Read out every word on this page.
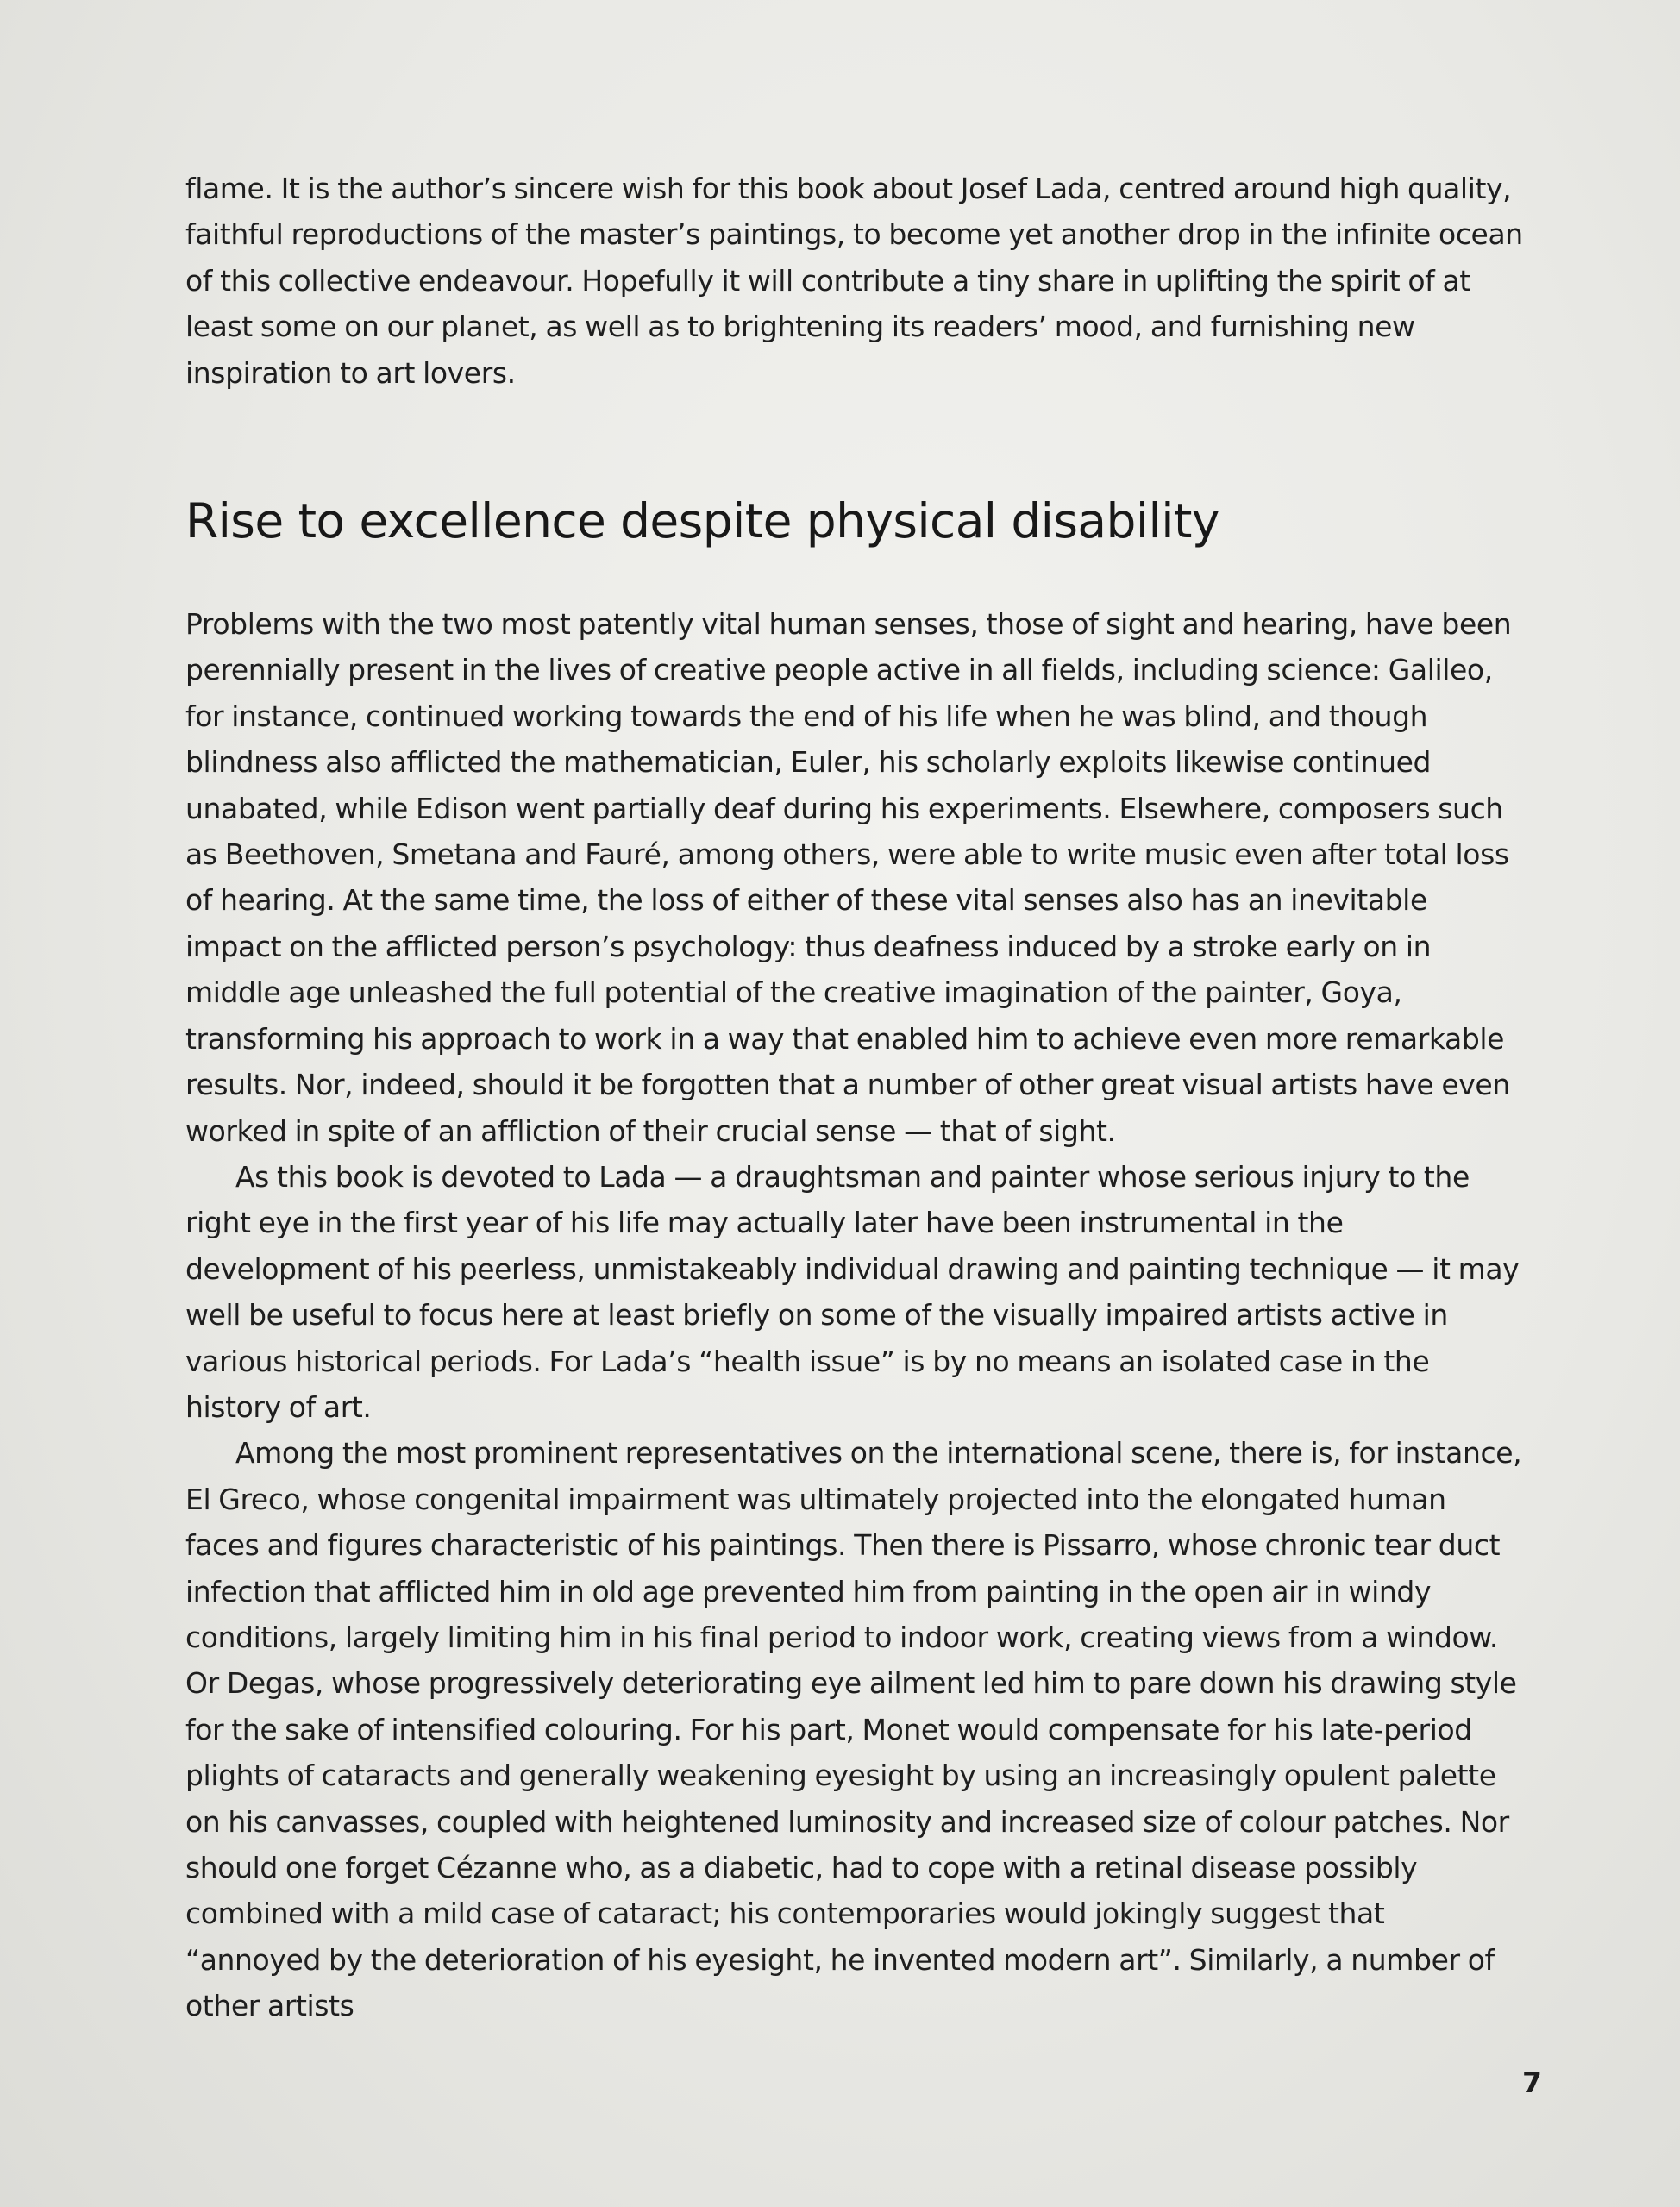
flame. It is the author’s sincere wish for this book about Josef Lada, centred around high quality, faithful reproductions of the master’s paintings, to become yet another drop in the infinite ocean of this collective endeavour. Hopefully it will contribute a tiny share in uplifting the spirit of at least some on our planet, as well as to brightening its readers’ mood, and furnishing new inspiration to art lovers.

Rise to excellence despite physical disability

Problems with the two most patently vital human senses, those of sight and hearing, have been perennially present in the lives of creative people active in all fields, including science: Galileo, for instance, continued working towards the end of his life when he was blind, and though blindness also afflicted the mathematician, Euler, his scholarly exploits likewise continued unabated, while Edison went partially deaf during his experiments. Elsewhere, composers such as Beethoven, Smetana and Fauré, among others, were able to write music even after total loss of hearing. At the same time, the loss of either of these vital senses also has an inevitable impact on the afflicted person’s psychology: thus deafness induced by a stroke early on in middle age unleashed the full potential of the creative imagination of the painter, Goya, transforming his approach to work in a way that enabled him to achieve even more remarkable results. Nor, indeed, should it be forgotten that a number of other great visual artists have even worked in spite of an affliction of their crucial sense — that of sight.

As this book is devoted to Lada — a draughtsman and painter whose serious injury to the right eye in the first year of his life may actually later have been instrumental in the development of his peerless, unmistakeably individual drawing and painting technique — it may well be useful to focus here at least briefly on some of the visually impaired artists active in various historical periods. For Lada’s “health issue” is by no means an isolated case in the history of art.

Among the most prominent representatives on the international scene, there is, for instance, El Greco, whose congenital impairment was ultimately projected into the elongated human faces and figures characteristic of his paintings. Then there is Pissarro, whose chronic tear duct infection that afflicted him in old age prevented him from painting in the open air in windy conditions, largely limiting him in his final period to indoor work, creating views from a window. Or Degas, whose progressively deteriorating eye ailment led him to pare down his drawing style for the sake of intensified colouring. For his part, Monet would compensate for his late-period plights of cataracts and generally weakening eyesight by using an increasingly opulent palette on his canvasses, coupled with heightened luminosity and increased size of colour patches. Nor should one forget Cézanne who, as a diabetic, had to cope with a retinal disease possibly combined with a mild case of cataract; his contemporaries would jokingly suggest that “annoyed by the deterioration of his eyesight, he invented modern art”. Similarly, a number of other artists

7
